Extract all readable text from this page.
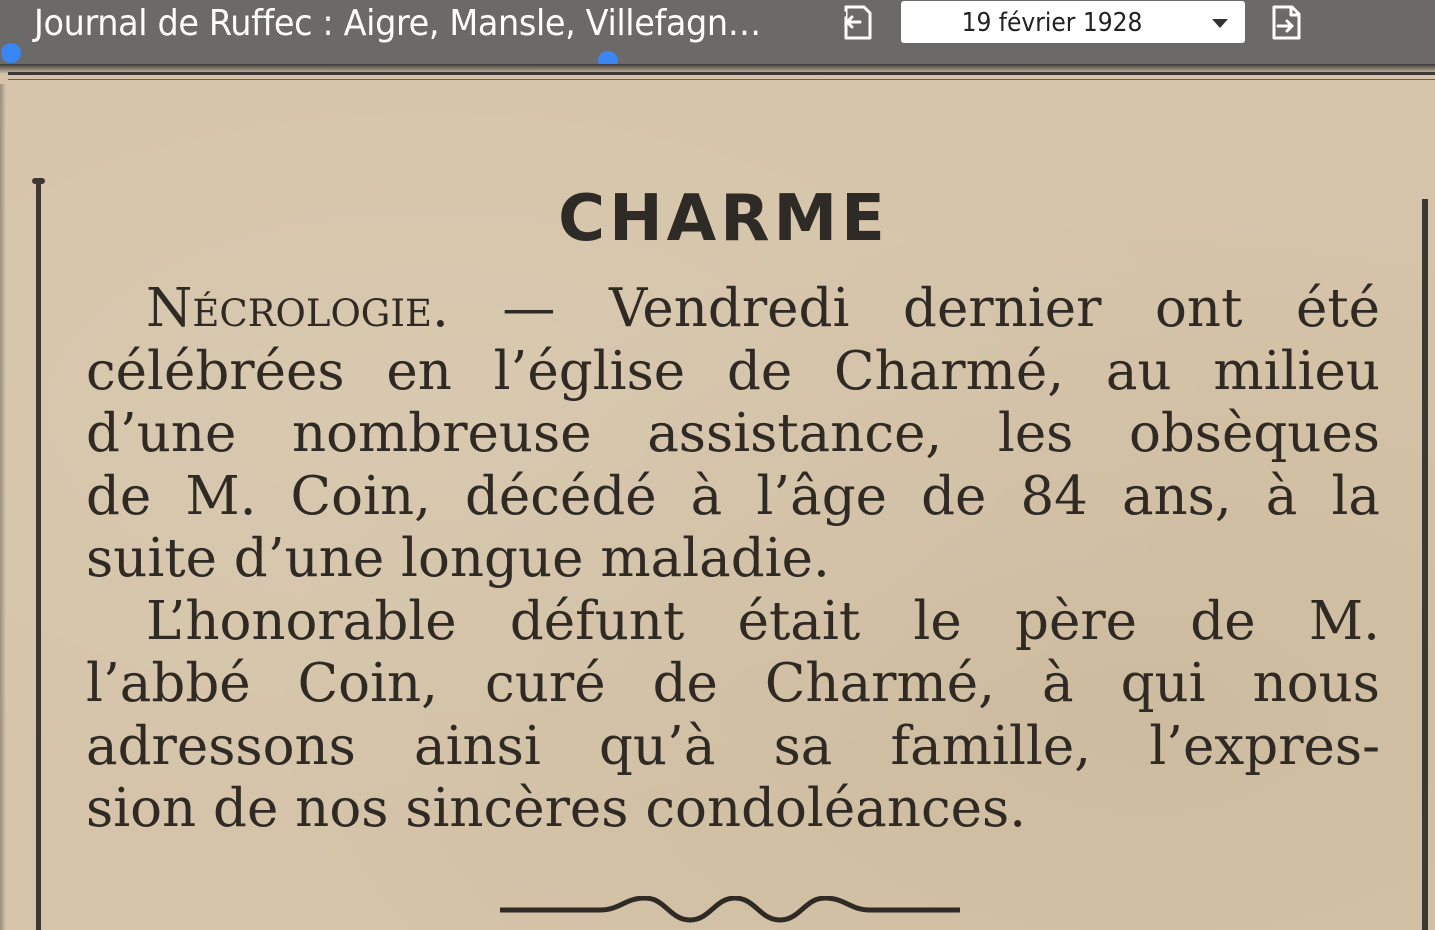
Journal de Ruffec : Aigre, Mansle, Villefagn…	19 février 1928
CHARME
Nécrologie. — Vendredi dernier ont été
célébrées en l’église de Charmé, au milieu
d’une nombreuse assistance, les obsèques
de M. Coin, décédé à l’âge de 84 ans, à la
suite d’une longue maladie.
L’honorable défunt était le père de M.
l’abbé Coin, curé de Charmé, à qui nous
adressons ainsi qu’à sa famille, l’expres-
sion de nos sincères condoléances.
